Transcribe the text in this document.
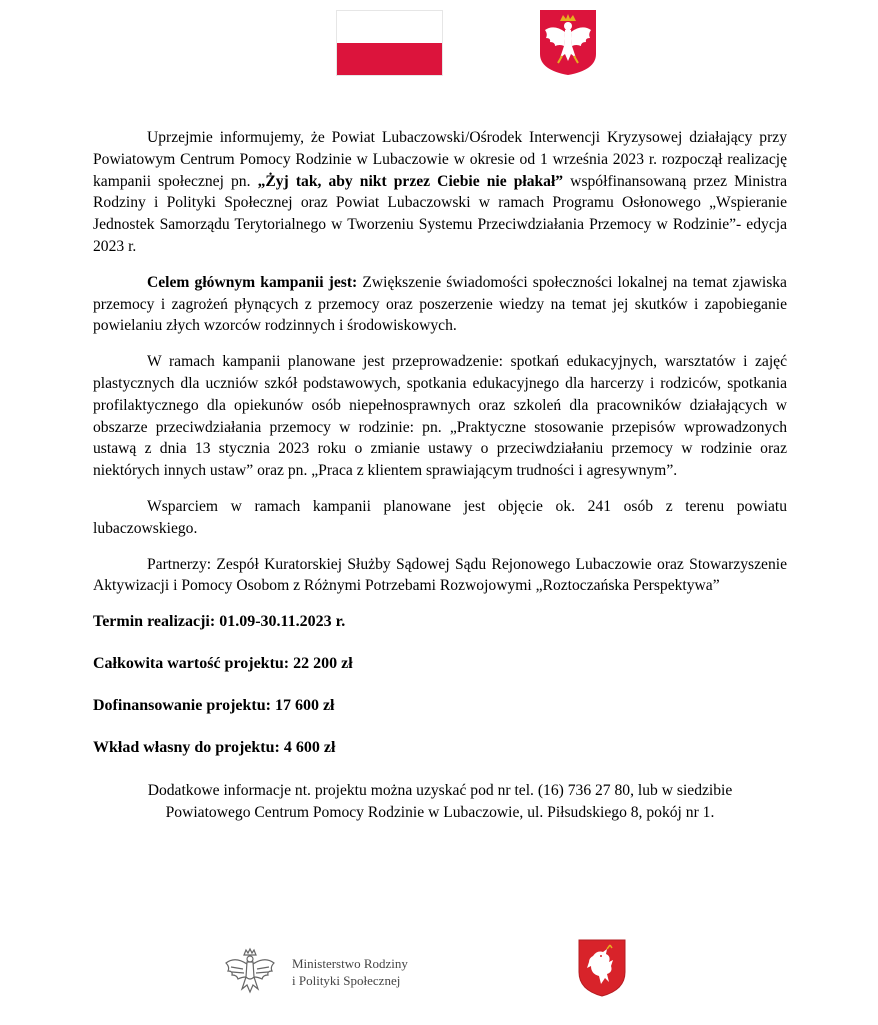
Uprzejmie informujemy, że Powiat Lubaczowski/Ośrodek Interwencji Kryzysowej działający przy Powiatowym Centrum Pomocy Rodzinie w Lubaczowie w okresie od 1 września 2023 r. rozpoczął realizację kampanii społecznej pn. „Żyj tak, aby nikt przez Ciebie nie płakał” współfinansowaną przez Ministra Rodziny i Polityki Społecznej oraz Powiat Lubaczowski w ramach Programu Osłonowego „Wspieranie Jednostek Samorządu Terytorialnego w Tworzeniu Systemu Przeciwdziałania Przemocy w Rodzinie”- edycja 2023 r.

Celem głównym kampanii jest: Zwiększenie świadomości społeczności lokalnej na temat zjawiska przemocy i zagrożeń płynących z przemocy oraz poszerzenie wiedzy na temat jej skutków i zapobieganie powielaniu złych wzorców rodzinnych i środowiskowych.

W ramach kampanii planowane jest przeprowadzenie: spotkań edukacyjnych, warsztatów i zajęć plastycznych dla uczniów szkół podstawowych, spotkania edukacyjnego dla harcerzy i rodziców, spotkania profilaktycznego dla opiekunów osób niepełnosprawnych oraz szkoleń dla pracowników działających w obszarze przeciwdziałania przemocy w rodzinie: pn. „Praktyczne stosowanie przepisów wprowadzonych ustawą z dnia 13 stycznia 2023 roku o zmianie ustawy o przeciwdziałaniu przemocy w rodzinie oraz niektórych innych ustaw” oraz pn. „Praca z klientem sprawiającym trudności i agresywnym”.

Wsparciem w ramach kampanii planowane jest objęcie ok. 241 osób z terenu powiatu lubaczowskiego.

Partnerzy: Zespół Kuratorskiej Służby Sądowej Sądu Rejonowego Lubaczowie oraz Stowarzyszenie Aktywizacji i Pomocy Osobom z Różnymi Potrzebami Rozwojowymi „Roztoczańska Perspektywa”

Termin realizacji: 01.09-30.11.2023 r.

Całkowita wartość projektu: 22 200 zł

Dofinansowanie projektu: 17 600 zł

Wkład własny do projektu: 4 600 zł

Dodatkowe informacje nt. projektu można uzyskać pod nr tel. (16) 736 27 80, lub w siedzibie
Powiatowego Centrum Pomocy Rodzinie w Lubaczowie, ul. Piłsudskiego 8, pokój nr 1.

Ministerstwo Rodziny
i Polityki Społecznej
